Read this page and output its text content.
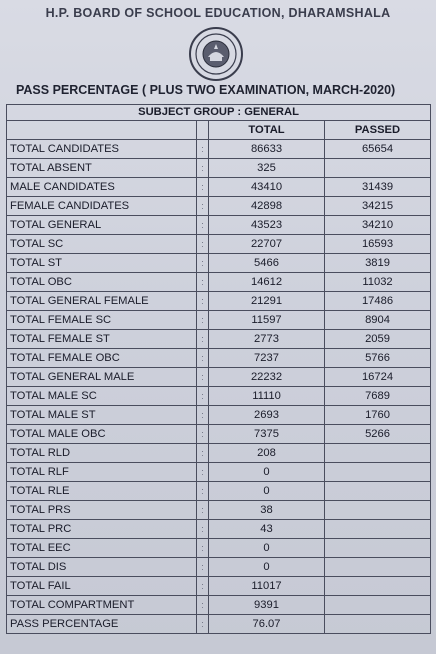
H.P. BOARD OF SCHOOL EDUCATION, DHARAMSHALA
PASS PERCENTAGE ( PLUS TWO EXAMINATION, MARCH-2020)
SUBJECT GROUP : GENERAL			
		TOTAL	PASSED
TOTAL CANDIDATES	:	86633	65654
TOTAL ABSENT	:	325	
MALE CANDIDATES	:	43410	31439
FEMALE CANDIDATES	:	42898	34215
TOTAL GENERAL	:	43523	34210
TOTAL SC	:	22707	16593
TOTAL ST	:	5466	3819
TOTAL OBC	:	14612	11032
TOTAL GENERAL FEMALE	:	21291	17486
TOTAL FEMALE SC	:	11597	8904
TOTAL FEMALE ST	:	2773	2059
TOTAL FEMALE OBC	:	7237	5766
TOTAL GENERAL MALE	:	22232	16724
TOTAL MALE SC	:	11110	7689
TOTAL MALE ST	:	2693	1760
TOTAL MALE OBC	:	7375	5266
TOTAL RLD	:	208	
TOTAL RLF	:	0	
TOTAL RLE	:	0	
TOTAL PRS	:	38	
TOTAL PRC	:	43	
TOTAL EEC	:	0	
TOTAL DIS	:	0	
TOTAL FAIL	:	11017	
TOTAL COMPARTMENT	:	9391	
PASS PERCENTAGE	:	76.07	
